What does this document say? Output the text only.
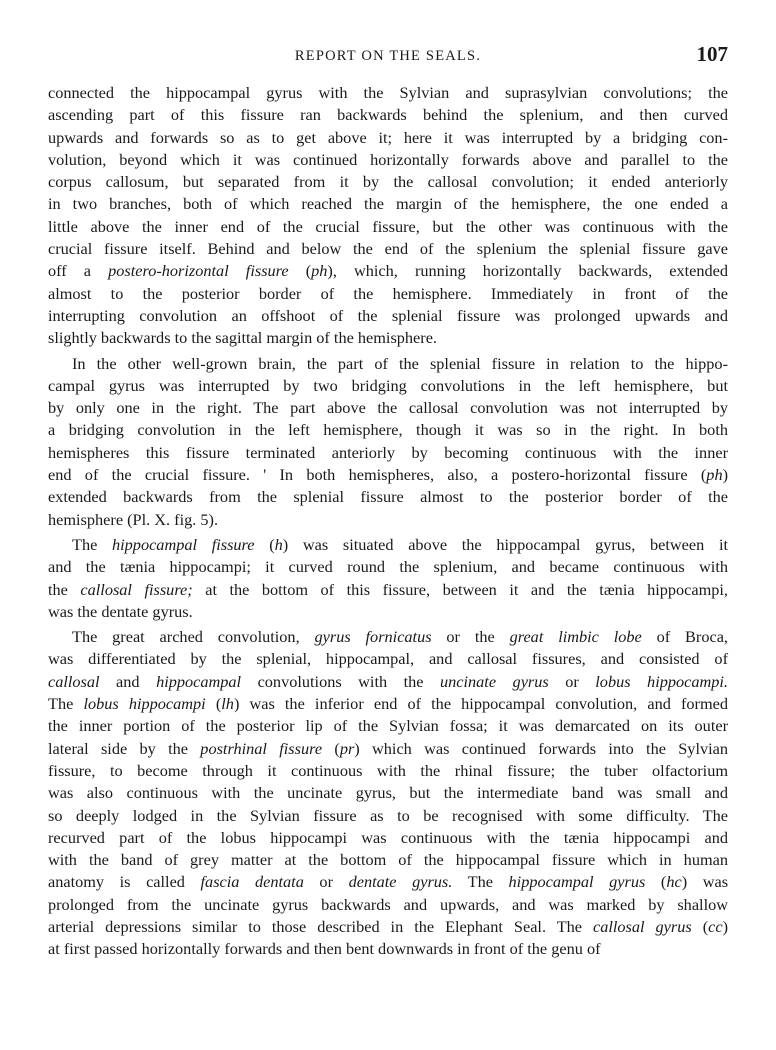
REPORT ON THE SEALS.	107
connected the hippocampal gyrus with the Sylvian and suprasylvian convolutions; the
ascending part of this fissure ran backwards behind the splenium, and then curved
upwards and forwards so as to get above it; here it was interrupted by a bridging con-
volution, beyond which it was continued horizontally forwards above and parallel to the
corpus callosum, but separated from it by the callosal convolution; it ended anteriorly
in two branches, both of which reached the margin of the hemisphere, the one ended a
little above the inner end of the crucial fissure, but the other was continuous with the
crucial fissure itself. Behind and below the end of the splenium the splenial fissure gave
off a postero-horizontal fissure (ph), which, running horizontally backwards, extended
almost to the posterior border of the hemisphere. Immediately in front of the
interrupting convolution an offshoot of the splenial fissure was prolonged upwards and
slightly backwards to the sagittal margin of the hemisphere.
In the other well-grown brain, the part of the splenial fissure in relation to the hippo-
campal gyrus was interrupted by two bridging convolutions in the left hemisphere, but
by only one in the right. The part above the callosal convolution was not interrupted by
a bridging convolution in the left hemisphere, though it was so in the right. In both
hemispheres this fissure terminated anteriorly by becoming continuous with the inner
end of the crucial fissure. ' In both hemispheres, also, a postero-horizontal fissure (ph)
extended backwards from the splenial fissure almost to the posterior border of the
hemisphere (Pl. X. fig. 5).
The hippocampal fissure (h) was situated above the hippocampal gyrus, between it
and the tænia hippocampi; it curved round the splenium, and became continuous with
the callosal fissure; at the bottom of this fissure, between it and the tænia hippocampi,
was the dentate gyrus.
The great arched convolution, gyrus fornicatus or the great limbic lobe of Broca,
was differentiated by the splenial, hippocampal, and callosal fissures, and consisted of
callosal and hippocampal convolutions with the uncinate gyrus or lobus hippocampi.
The lobus hippocampi (lh) was the inferior end of the hippocampal convolution, and formed
the inner portion of the posterior lip of the Sylvian fossa; it was demarcated on its outer
lateral side by the postrhinal fissure (pr) which was continued forwards into the Sylvian
fissure, to become through it continuous with the rhinal fissure; the tuber olfactorium
was also continuous with the uncinate gyrus, but the intermediate band was small and
so deeply lodged in the Sylvian fissure as to be recognised with some difficulty. The
recurved part of the lobus hippocampi was continuous with the tænia hippocampi and
with the band of grey matter at the bottom of the hippocampal fissure which in human
anatomy is called fascia dentata or dentate gyrus. The hippocampal gyrus (hc) was
prolonged from the uncinate gyrus backwards and upwards, and was marked by shallow
arterial depressions similar to those described in the Elephant Seal. The callosal gyrus (cc)
at first passed horizontally forwards and then bent downwards in front of the genu of
